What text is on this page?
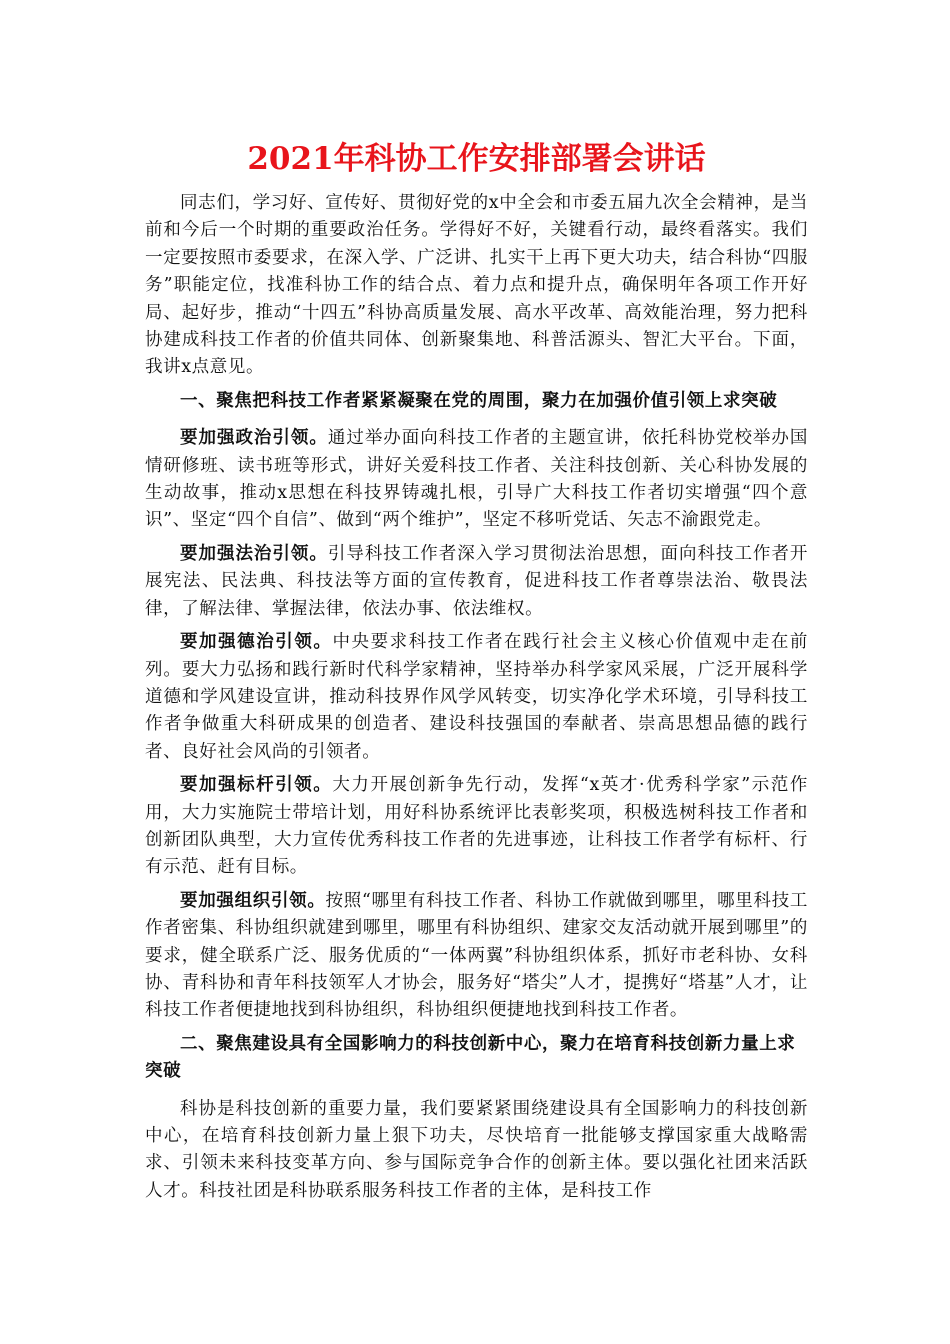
2021年科协工作安排部署会讲话

同志们，学习好、宣传好、贯彻好党的x中全会和市委五届九次全会精神，是当前和今后一个时期的重要政治任务。学得好不好，关键看行动，最终看落实。我们一定要按照市委要求，在深入学、广泛讲、扎实干上再下更大功夫，结合科协“四服务”职能定位，找准科协工作的结合点、着力点和提升点，确保明年各项工作开好局、起好步，推动“十四五”科协高质量发展、高水平改革、高效能治理，努力把科协建成科技工作者的价值共同体、创新聚集地、科普活源头、智汇大平台。下面，我讲x点意见。

一、聚焦把科技工作者紧紧凝聚在党的周围，聚力在加强价值引领上求突破

要加强政治引领。通过举办面向科技工作者的主题宣讲，依托科协党校举办国情研修班、读书班等形式，讲好关爱科技工作者、关注科技创新、关心科协发展的生动故事，推动x思想在科技界铸魂扎根，引导广大科技工作者切实增强“四个意识”、坚定“四个自信”、做到“两个维护”，坚定不移听党话、矢志不渝跟党走。

要加强法治引领。引导科技工作者深入学习贯彻法治思想，面向科技工作者开展宪法、民法典、科技法等方面的宣传教育，促进科技工作者尊崇法治、敬畏法律，了解法律、掌握法律，依法办事、依法维权。

要加强德治引领。中央要求科技工作者在践行社会主义核心价值观中走在前列。要大力弘扬和践行新时代科学家精神，坚持举办科学家风采展，广泛开展科学道德和学风建设宣讲，推动科技界作风学风转变，切实净化学术环境，引导科技工作者争做重大科研成果的创造者、建设科技强国的奉献者、崇高思想品德的践行者、良好社会风尚的引领者。

要加强标杆引领。大力开展创新争先行动，发挥“x英才·优秀科学家”示范作用，大力实施院士带培计划，用好科协系统评比表彰奖项，积极选树科技工作者和创新团队典型，大力宣传优秀科技工作者的先进事迹，让科技工作者学有标杆、行有示范、赶有目标。

要加强组织引领。按照“哪里有科技工作者、科协工作就做到哪里，哪里科技工作者密集、科协组织就建到哪里，哪里有科协组织、建家交友活动就开展到哪里”的要求，健全联系广泛、服务优质的“一体两翼”科协组织体系，抓好市老科协、女科协、青科协和青年科技领军人才协会，服务好“塔尖”人才，提携好“塔基”人才，让科技工作者便捷地找到科协组织，科协组织便捷地找到科技工作者。

二、聚焦建设具有全国影响力的科技创新中心，聚力在培育科技创新力量上求突破

科协是科技创新的重要力量，我们要紧紧围绕建设具有全国影响力的科技创新中心，在培育科技创新力量上狠下功夫，尽快培育一批能够支撑国家重大战略需求、引领未来科技变革方向、参与国际竞争合作的创新主体。要以强化社团来活跃人才。科技社团是科协联系服务科技工作者的主体，是科技工作
